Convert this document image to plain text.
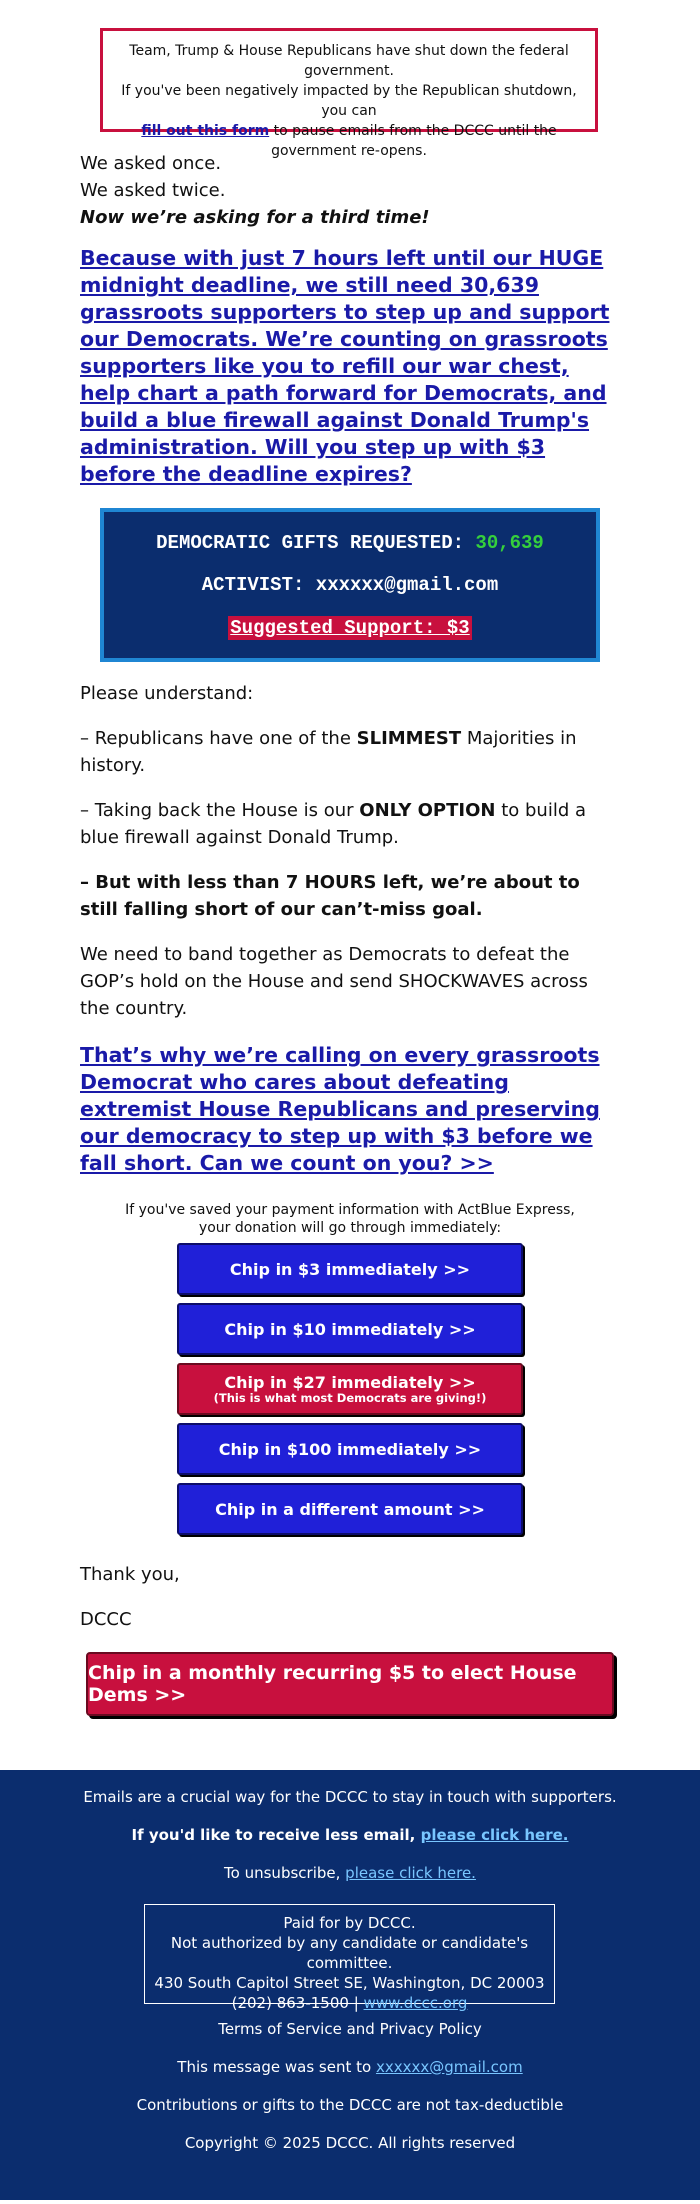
Team, Trump & House Republicans have shut down the federal government.
If you've been negatively impacted by the Republican shutdown, you can
fill out this form to pause emails from the DCCC until the government re-opens.

We asked once.

We asked twice.

Now we’re asking for a third time!

Because with just 7 hours left until our HUGE midnight deadline, we still need 30,639 grassroots supporters to step up and support our Democrats. We’re counting on grassroots supporters like you to refill our war chest, help chart a path forward for Democrats, and build a blue firewall against Donald Trump's administration. Will you step up with $3 before the deadline expires?
DEMOCRATIC GIFTS REQUESTED: 30,639
ACTIVIST: xxxxxx@gmail.com
Suggested Support: $3

Please understand:

– Republicans have one of the SLIMMEST Majorities in history.

– Taking back the House is our ONLY OPTION to build a blue firewall against Donald Trump.

– But with less than 7 HOURS left, we’re about to still falling short of our can’t-miss goal.

We need to band together as Democrats to defeat the GOP’s hold on the House and send SHOCKWAVES across the country.

That’s why we’re calling on every grassroots Democrat who cares about defeating extremist House Republicans and preserving our democracy to step up with $3 before we fall short. Can we count on you? >>
If you've saved your payment information with ActBlue Express,
your donation will go through immediately:
Chip in $3 immediately >>
Chip in $10 immediately >>
Chip in $27 immediately >>
(This is what most Democrats are giving!)
Chip in $100 immediately >>
Chip in a different amount >>

Thank you,

DCCC

Chip in a monthly recurring $5 to elect House Dems >>

Emails are a crucial way for the DCCC to stay in touch with supporters.

If you'd like to receive less email, please click here.

To unsubscribe, please click here.

Paid for by DCCC.
Not authorized by any candidate or candidate's committee.
430 South Capitol Street SE, Washington, DC 20003
(202) 863-1500 | www.dccc.org

Terms of Service and Privacy Policy

This message was sent to xxxxxx@gmail.com

Contributions or gifts to the DCCC are not tax-deductible

Copyright © 2025 DCCC. All rights reserved
